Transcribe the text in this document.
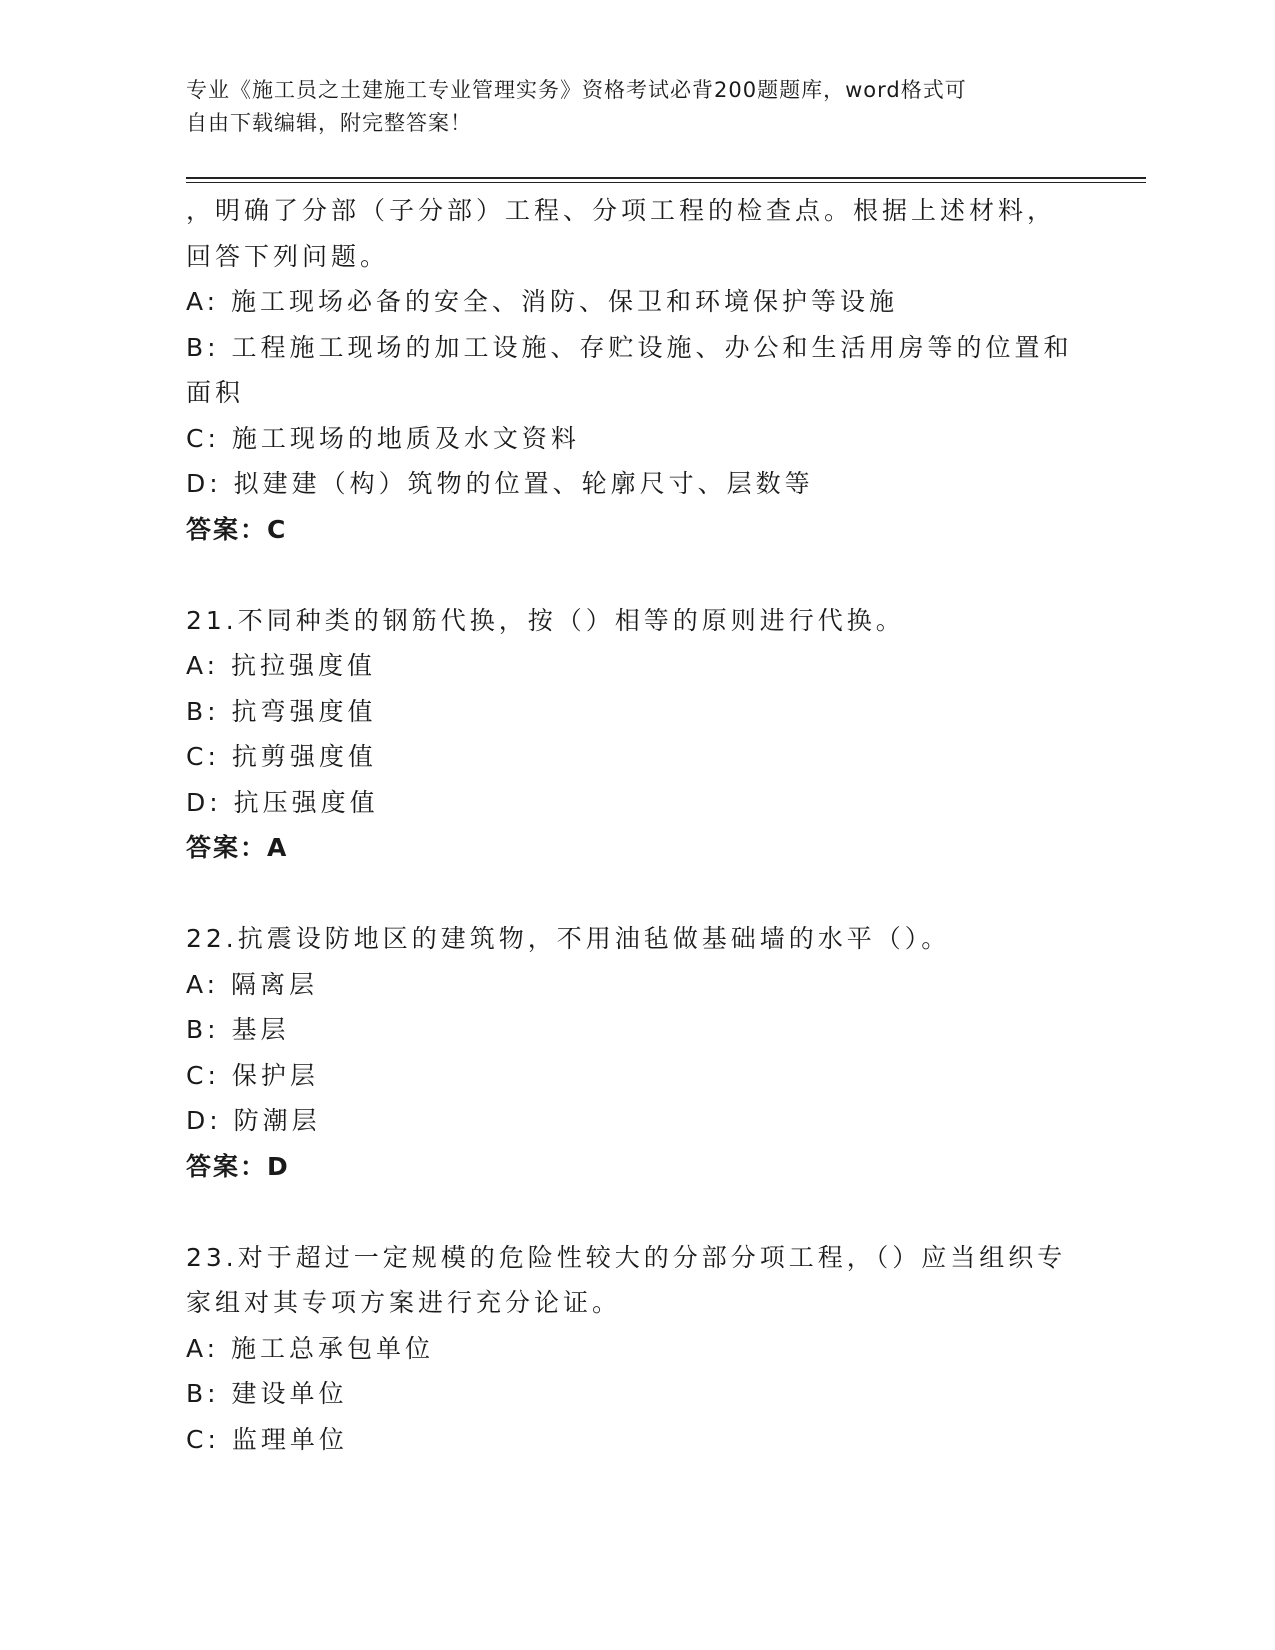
专业《施工员之土建施工专业管理实务》资格考试必背200题题库，word格式可
自由下载编辑，附完整答案！
，明确了分部（子分部）工程、分项工程的检查点。根据上述材料，
回答下列问题。
A: 施工现场必备的安全、消防、保卫和环境保护等设施
B: 工程施工现场的加工设施、存贮设施、办公和生活用房等的位置和
面积
C: 施工现场的地质及水文资料
D: 拟建建（构）筑物的位置、轮廓尺寸、层数等
答案：C
21.不同种类的钢筋代换，按（）相等的原则进行代换。
A: 抗拉强度值
B: 抗弯强度值
C: 抗剪强度值
D: 抗压强度值
答案：A
22.抗震设防地区的建筑物，不用油毡做基础墙的水平（）。
A: 隔离层
B: 基层
C: 保护层
D: 防潮层
答案：D
23.对于超过一定规模的危险性较大的分部分项工程，（）应当组织专
家组对其专项方案进行充分论证。
A: 施工总承包单位
B: 建设单位
C: 监理单位
